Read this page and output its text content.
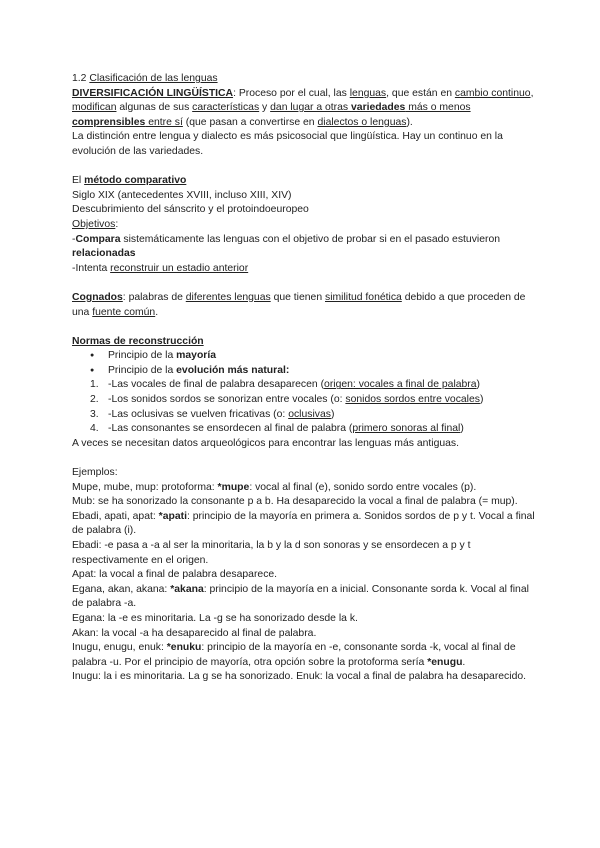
1.2 Clasificación de las lenguas

DIVERSIFICACIÓN LINGÜÍSTICA: Proceso por el cual, las lenguas, que están en cambio continuo, modifican algunas de sus características y dan lugar a otras variedades más o menos comprensibles entre sí (que pasan a convertirse en dialectos o lenguas).

La distinción entre lengua y dialecto es más psicosocial que lingüística. Hay un continuo en la evolución de las variedades.

El método comparativo

Siglo XIX (antecedentes XVIII, incluso XIII, XIV)

Descubrimiento del sánscrito y el protoindoeuropeo

Objetivos:

-Compara sistemáticamente las lenguas con el objetivo de probar si en el pasado estuvieron relacionadas

-Intenta reconstruir un estadio anterior

Cognados: palabras de diferentes lenguas que tienen similitud fonética debido a que proceden de una fuente común.

Normas de reconstrucción

● Principio de la mayoría
● Principio de la evolución más natural:
1. -Las vocales de final de palabra desaparecen (origen: vocales a final de palabra)
2. -Los sonidos sordos se sonorizan entre vocales (o: sonidos sordos entre vocales)
3. -Las oclusivas se vuelven fricativas (o: oclusivas)
4. -Las consonantes se ensordecen al final de palabra (primero sonoras al final)

A veces se necesitan datos arqueológicos para encontrar las lenguas más antiguas.

Ejemplos:

Mupe, mube, mup: protoforma: *mupe: vocal al final (e), sonido sordo entre vocales (p).

Mub: se ha sonorizado la consonante p a b. Ha desaparecido la vocal a final de palabra (= mup).

Ebadi, apati, apat: *apati: principio de la mayoría en primera a. Sonidos sordos de p y t. Vocal a final de palabra (i).

Ebadi: -e pasa a -a al ser la minoritaria, la b y la d son sonoras y se ensordecen a p y t respectivamente en el origen.

Apat: la vocal a final de palabra desaparece.

Egana, akan, akana: *akana: principio de la mayoría en a inicial. Consonante sorda k. Vocal al final de palabra -a.

Egana: la -e es minoritaria. La -g se ha sonorizado desde la k.

Akan: la vocal -a ha desaparecido al final de palabra.

Inugu, enugu, enuk: *enuku: principio de la mayoría en -e, consonante sorda -k, vocal al final de palabra -u. Por el principio de mayoría, otra opción sobre la protoforma sería *enugu.

Inugu: la i es minoritaria. La g se ha sonorizado. Enuk: la vocal a final de palabra ha desaparecido.
